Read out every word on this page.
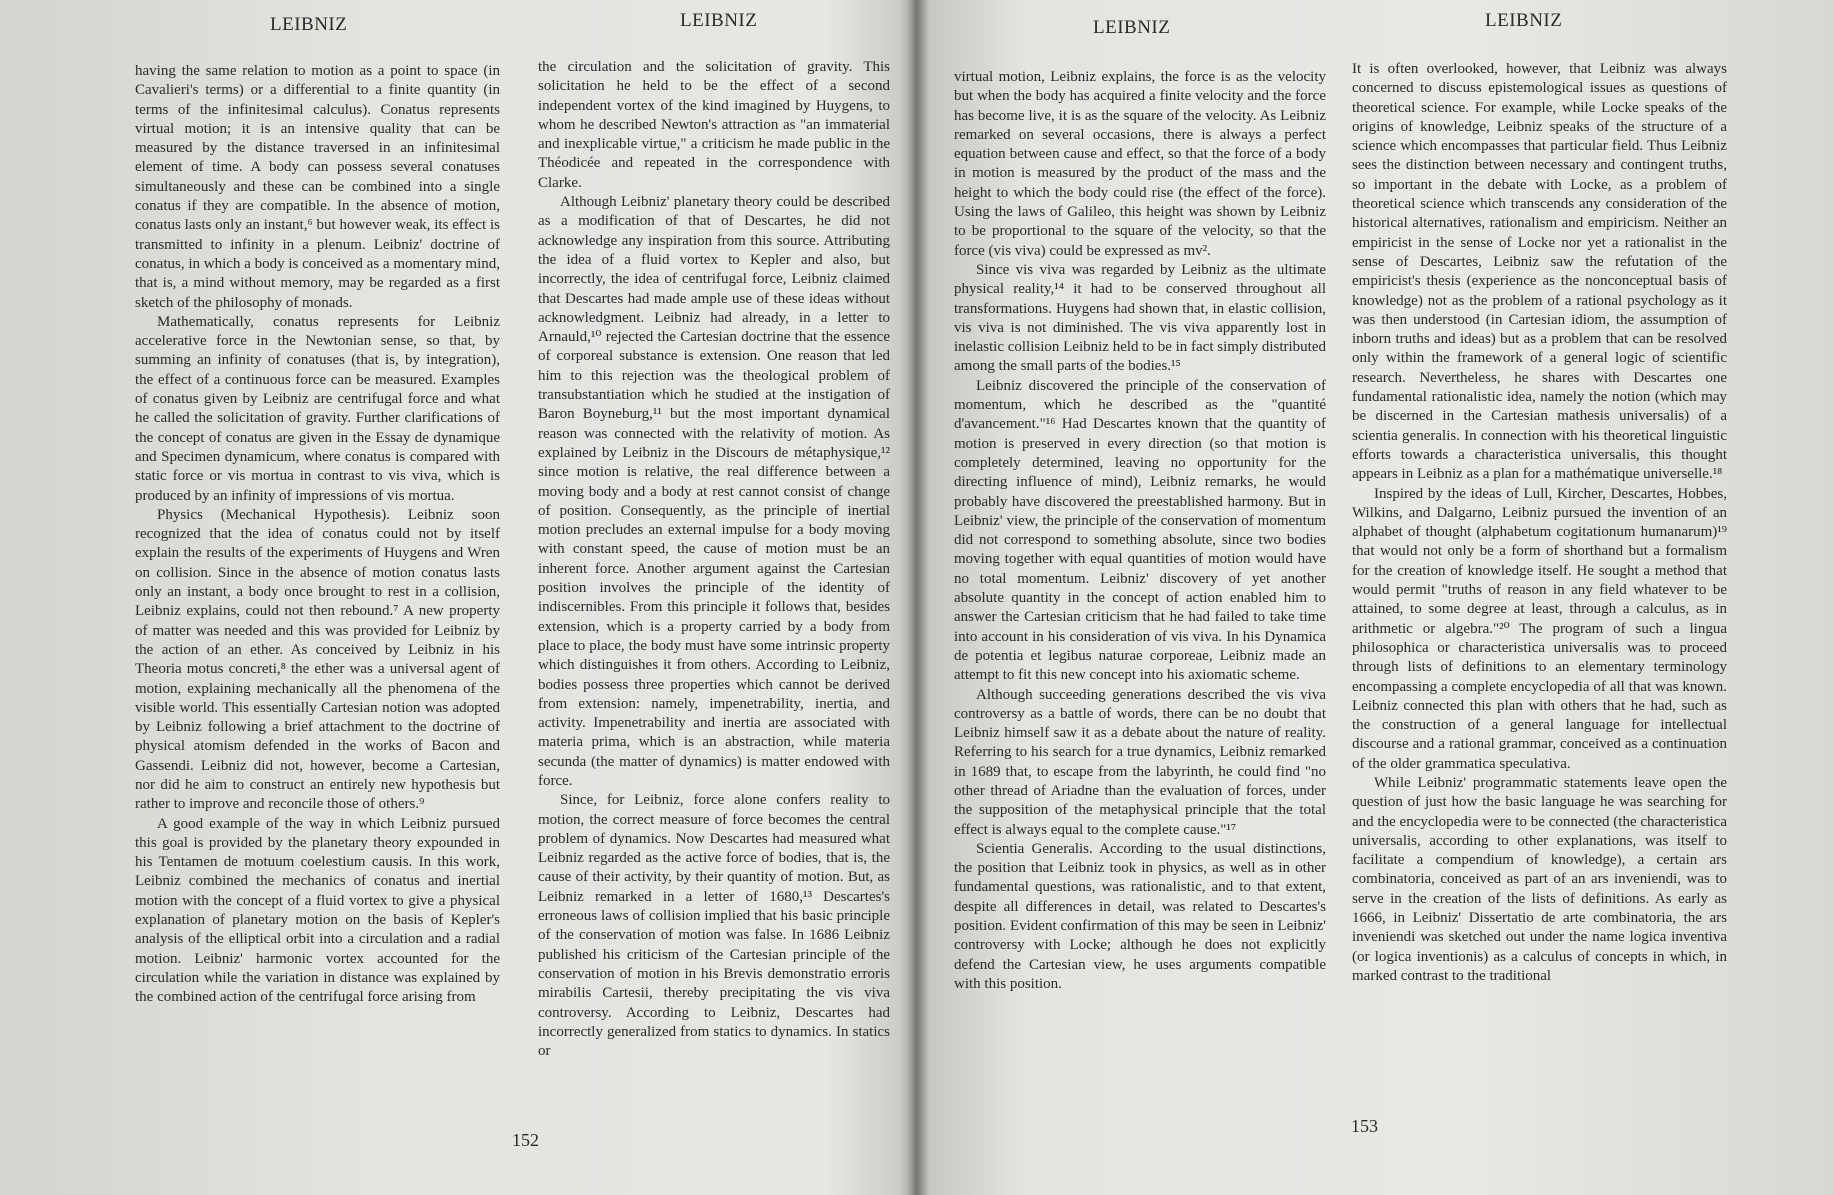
LEIBNIZ	LEIBNIZ

having the same relation to motion as a point to space (in Cavalieri's terms) or a differential to a finite quantity (in terms of the infinitesimal calculus). Conatus represents virtual motion; it is an intensive quality that can be measured by the distance traversed in an infinitesimal element of time. A body can possess several conatuses simultaneously and these can be combined into a single conatus if they are compatible. In the absence of motion, conatus lasts only an instant,⁶ but however weak, its effect is transmitted to infinity in a plenum. Leibniz' doctrine of conatus, in which a body is conceived as a momentary mind, that is, a mind without memory, may be regarded as a first sketch of the philosophy of monads.

Mathematically, conatus represents for Leibniz accelerative force in the Newtonian sense, so that, by summing an infinity of conatuses (that is, by integration), the effect of a continuous force can be measured. Examples of conatus given by Leibniz are centrifugal force and what he called the solicitation of gravity. Further clarifications of the concept of conatus are given in the Essay de dynamique and Specimen dynamicum, where conatus is compared with static force or vis mortua in contrast to vis viva, which is produced by an infinity of impressions of vis mortua.

Physics (Mechanical Hypothesis). Leibniz soon recognized that the idea of conatus could not by itself explain the results of the experiments of Huygens and Wren on collision. Since in the absence of motion conatus lasts only an instant, a body once brought to rest in a collision, Leibniz explains, could not then rebound.⁷ A new property of matter was needed and this was provided for Leibniz by the action of an ether. As conceived by Leibniz in his Theoria motus concreti,⁸ the ether was a universal agent of motion, explaining mechanically all the phenomena of the visible world. This essentially Cartesian notion was adopted by Leibniz following a brief attachment to the doctrine of physical atomism defended in the works of Bacon and Gassendi. Leibniz did not, however, become a Cartesian, nor did he aim to construct an entirely new hypothesis but rather to improve and reconcile those of others.⁹

A good example of the way in which Leibniz pursued this goal is provided by the planetary theory expounded in his Tentamen de motuum coelestium causis. In this work, Leibniz combined the mechanics of conatus and inertial motion with the concept of a fluid vortex to give a physical explanation of planetary motion on the basis of Kepler's analysis of the elliptical orbit into a circulation and a radial motion. Leibniz' harmonic vortex accounted for the circulation while the variation in distance was explained by the combined action of the centrifugal force arising from

the circulation and the solicitation of gravity. This solicitation he held to be the effect of a second independent vortex of the kind imagined by Huygens, to whom he described Newton's attraction as "an immaterial and inexplicable virtue," a criticism he made public in the Théodicée and repeated in the correspondence with Clarke.

Although Leibniz' planetary theory could be described as a modification of that of Descartes, he did not acknowledge any inspiration from this source. Attributing the idea of a fluid vortex to Kepler and also, but incorrectly, the idea of centrifugal force, Leibniz claimed that Descartes had made ample use of these ideas without acknowledgment. Leibniz had already, in a letter to Arnauld,¹⁰ rejected the Cartesian doctrine that the essence of corporeal substance is extension. One reason that led him to this rejection was the theological problem of transubstantiation which he studied at the instigation of Baron Boyneburg,¹¹ but the most important dynamical reason was connected with the relativity of motion. As explained by Leibniz in the Discours de métaphysique,¹² since motion is relative, the real difference between a moving body and a body at rest cannot consist of change of position. Consequently, as the principle of inertial motion precludes an external impulse for a body moving with constant speed, the cause of motion must be an inherent force. Another argument against the Cartesian position involves the principle of the identity of indiscernibles. From this principle it follows that, besides extension, which is a property carried by a body from place to place, the body must have some intrinsic property which distinguishes it from others. According to Leibniz, bodies possess three properties which cannot be derived from extension: namely, impenetrability, inertia, and activity. Impenetrability and inertia are associated with materia prima, which is an abstraction, while materia secunda (the matter of dynamics) is matter endowed with force.

Since, for Leibniz, force alone confers reality to motion, the correct measure of force becomes the central problem of dynamics. Now Descartes had measured what Leibniz regarded as the active force of bodies, that is, the cause of their activity, by their quantity of motion. But, as Leibniz remarked in a letter of 1680,¹³ Descartes's erroneous laws of collision implied that his basic principle of the conservation of motion was false. In 1686 Leibniz published his criticism of the Cartesian principle of the conservation of motion in his Brevis demonstratio erroris mirabilis Cartesii, thereby precipitating the vis viva controversy. According to Leibniz, Descartes had incorrectly generalized from statics to dynamics. In statics or

152
LEIBNIZ	LEIBNIZ

virtual motion, Leibniz explains, the force is as the velocity but when the body has acquired a finite velocity and the force has become live, it is as the square of the velocity. As Leibniz remarked on several occasions, there is always a perfect equation between cause and effect, so that the force of a body in motion is measured by the product of the mass and the height to which the body could rise (the effect of the force). Using the laws of Galileo, this height was shown by Leibniz to be proportional to the square of the velocity, so that the force (vis viva) could be expressed as mv².

Since vis viva was regarded by Leibniz as the ultimate physical reality,¹⁴ it had to be conserved throughout all transformations. Huygens had shown that, in elastic collision, vis viva is not diminished. The vis viva apparently lost in inelastic collision Leibniz held to be in fact simply distributed among the small parts of the bodies.¹⁵

Leibniz discovered the principle of the conservation of momentum, which he described as the "quantité d'avancement."¹⁶ Had Descartes known that the quantity of motion is preserved in every direction (so that motion is completely determined, leaving no opportunity for the directing influence of mind), Leibniz remarks, he would probably have discovered the preestablished harmony. But in Leibniz' view, the principle of the conservation of momentum did not correspond to something absolute, since two bodies moving together with equal quantities of motion would have no total momentum. Leibniz' discovery of yet another absolute quantity in the concept of action enabled him to answer the Cartesian criticism that he had failed to take time into account in his consideration of vis viva. In his Dynamica de potentia et legibus naturae corporeae, Leibniz made an attempt to fit this new concept into his axiomatic scheme.

Although succeeding generations described the vis viva controversy as a battle of words, there can be no doubt that Leibniz himself saw it as a debate about the nature of reality. Referring to his search for a true dynamics, Leibniz remarked in 1689 that, to escape from the labyrinth, he could find "no other thread of Ariadne than the evaluation of forces, under the supposition of the metaphysical principle that the total effect is always equal to the complete cause."¹⁷

Scientia Generalis. According to the usual distinctions, the position that Leibniz took in physics, as well as in other fundamental questions, was rationalistic, and to that extent, despite all differences in detail, was related to Descartes's position. Evident confirmation of this may be seen in Leibniz' controversy with Locke; although he does not explicitly defend the Cartesian view, he uses arguments compatible with this position.

It is often overlooked, however, that Leibniz was always concerned to discuss epistemological issues as questions of theoretical science. For example, while Locke speaks of the origins of knowledge, Leibniz speaks of the structure of a science which encompasses that particular field. Thus Leibniz sees the distinction between necessary and contingent truths, so important in the debate with Locke, as a problem of theoretical science which transcends any consideration of the historical alternatives, rationalism and empiricism. Neither an empiricist in the sense of Locke nor yet a rationalist in the sense of Descartes, Leibniz saw the refutation of the empiricist's thesis (experience as the nonconceptual basis of knowledge) not as the problem of a rational psychology as it was then understood (in Cartesian idiom, the assumption of inborn truths and ideas) but as a problem that can be resolved only within the framework of a general logic of scientific research. Nevertheless, he shares with Descartes one fundamental rationalistic idea, namely the notion (which may be discerned in the Cartesian mathesis universalis) of a scientia generalis. In connection with his theoretical linguistic efforts towards a characteristica universalis, this thought appears in Leibniz as a plan for a mathématique universelle.¹⁸

Inspired by the ideas of Lull, Kircher, Descartes, Hobbes, Wilkins, and Dalgarno, Leibniz pursued the invention of an alphabet of thought (alphabetum cogitationum humanarum)¹⁹ that would not only be a form of shorthand but a formalism for the creation of knowledge itself. He sought a method that would permit "truths of reason in any field whatever to be attained, to some degree at least, through a calculus, as in arithmetic or algebra."²⁰ The program of such a lingua philosophica or characteristica universalis was to proceed through lists of definitions to an elementary terminology encompassing a complete encyclopedia of all that was known. Leibniz connected this plan with others that he had, such as the construction of a general language for intellectual discourse and a rational grammar, conceived as a continuation of the older grammatica speculativa.

While Leibniz' programmatic statements leave open the question of just how the basic language he was searching for and the encyclopedia were to be connected (the characteristica universalis, according to other explanations, was itself to facilitate a compendium of knowledge), a certain ars combinatoria, conceived as part of an ars inveniendi, was to serve in the creation of the lists of definitions. As early as 1666, in Leibniz' Dissertatio de arte combinatoria, the ars inveniendi was sketched out under the name logica inventiva (or logica inventionis) as a calculus of concepts in which, in marked contrast to the traditional

153
